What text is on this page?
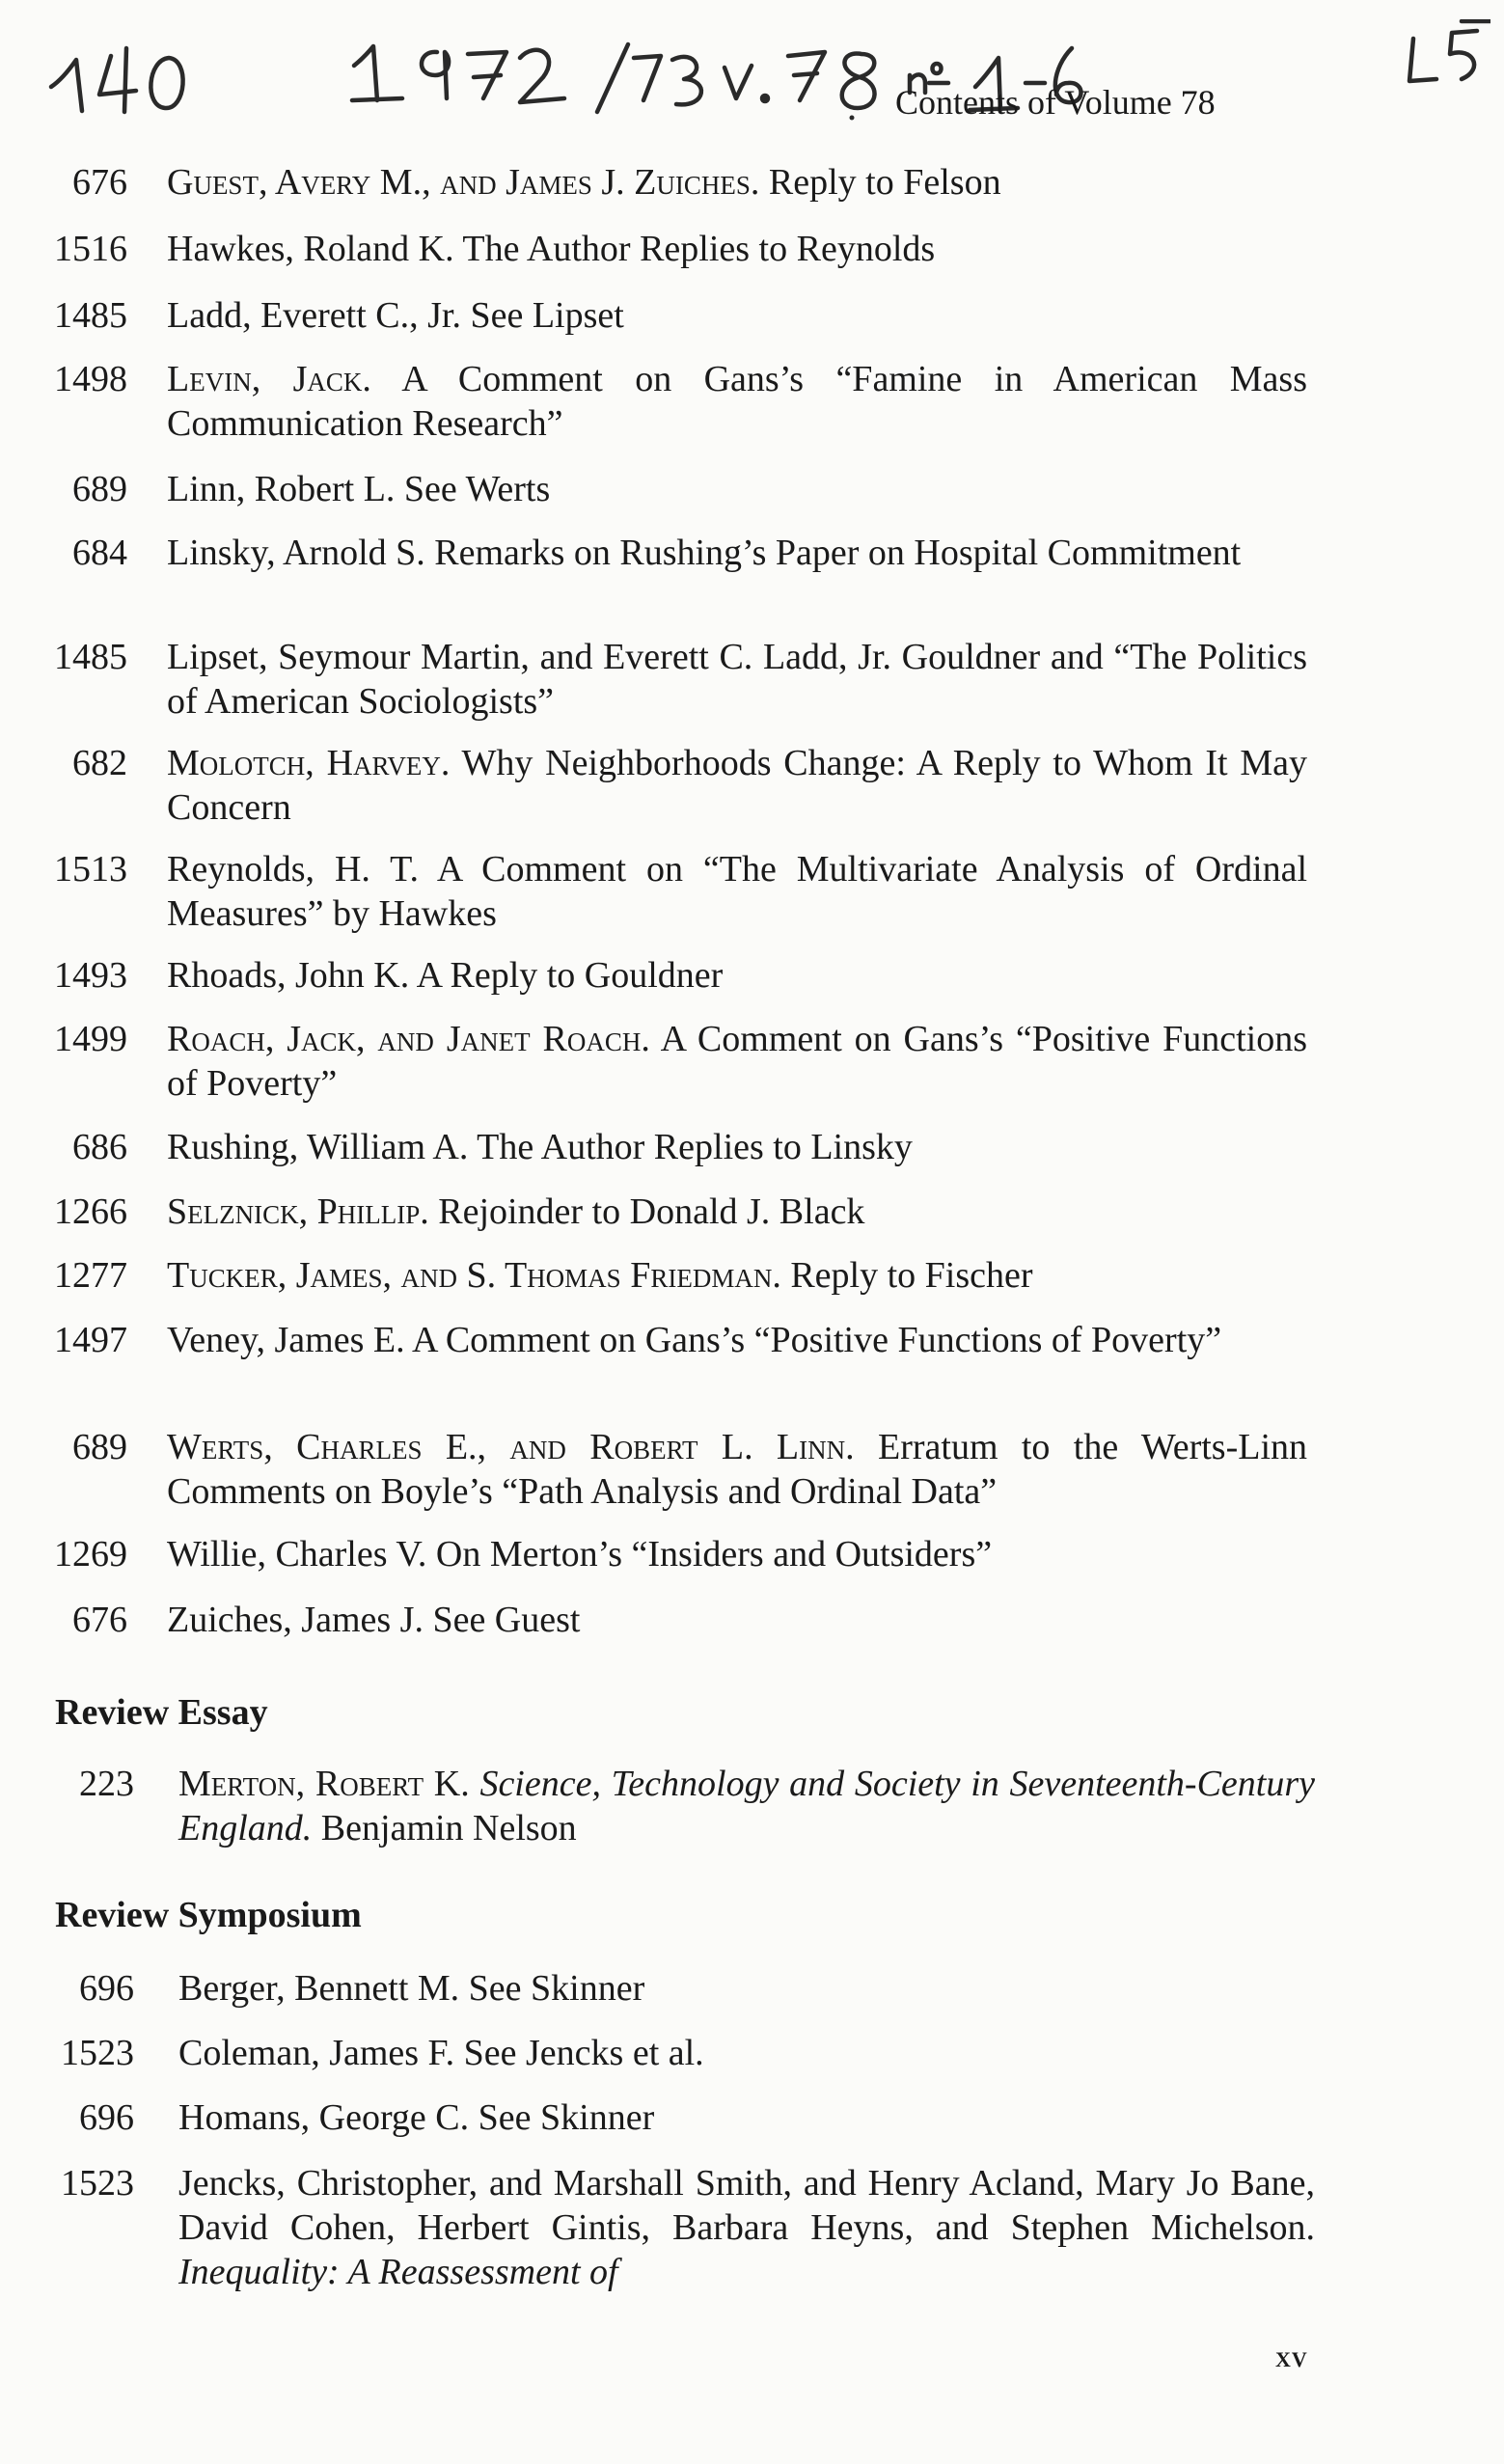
Contents of Volume 78
676 Guest, Avery M., and James J. Zuiches. Reply to Felson
1516 Hawkes, Roland K. The Author Replies to Reynolds
1485 Ladd, Everett C., Jr. See Lipset
1498 Levin, Jack. A Comment on Gans’s “Famine in American Mass Communication Research”
689 Linn, Robert L. See Werts
684 Linsky, Arnold S. Remarks on Rushing’s Paper on Hospital Commitment
1485 Lipset, Seymour Martin, and Everett C. Ladd, Jr. Gouldner and “The Politics of American Sociologists”
682 Molotch, Harvey. Why Neighborhoods Change: A Reply to Whom It May Concern
1513 Reynolds, H. T. A Comment on “The Multivariate Analysis of Ordinal Measures” by Hawkes
1493 Rhoads, John K. A Reply to Gouldner
1499 Roach, Jack, and Janet Roach. A Comment on Gans’s “Positive Functions of Poverty”
686 Rushing, William A. The Author Replies to Linsky
1266 Selznick, Phillip. Rejoinder to Donald J. Black
1277 Tucker, James, and S. Thomas Friedman. Reply to Fischer
1497 Veney, James E. A Comment on Gans’s “Positive Functions of Poverty”
689 Werts, Charles E., and Robert L. Linn. Erratum to the Werts-Linn Comments on Boyle’s “Path Analysis and Ordinal Data”
1269 Willie, Charles V. On Merton’s “Insiders and Outsiders”
676 Zuiches, James J. See Guest
Review Essay
223 Merton, Robert K. Science, Technology and Society in Seventeenth-Century England. Benjamin Nelson
Review Symposium
696 Berger, Bennett M. See Skinner
1523 Coleman, James F. See Jencks et al.
696 Homans, George C. See Skinner
1523 Jencks, Christopher, and Marshall Smith, and Henry Acland, Mary Jo Bane, David Cohen, Herbert Gintis, Barbara Heyns, and Stephen Michelson. Inequality: A Reassessment of
xv
